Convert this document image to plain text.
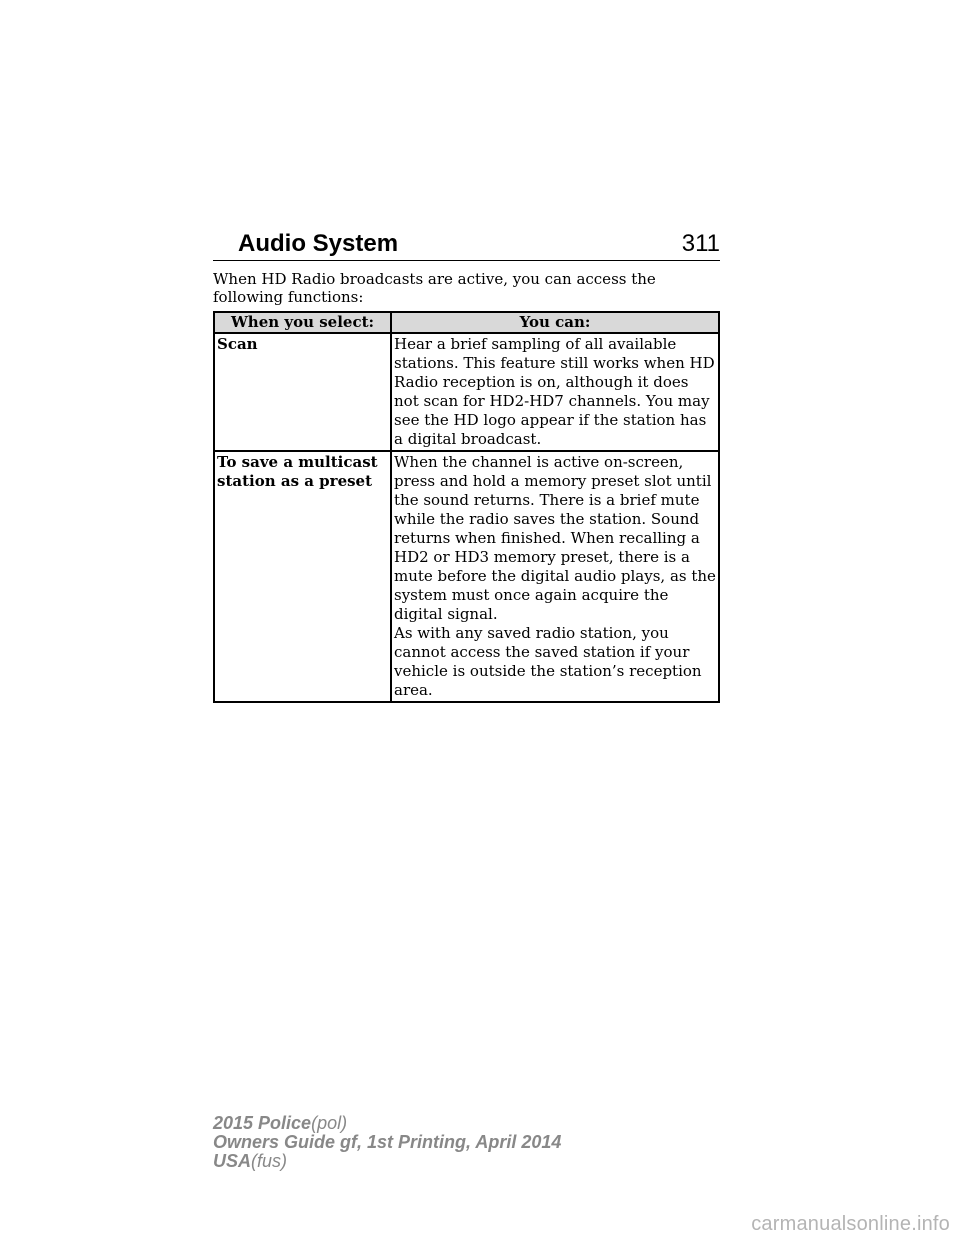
Audio System	311
When HD Radio broadcasts are active, you can access the following functions:
When you select:	You can:
Scan	Hear a brief sampling of all available stations. This feature still works when HD Radio reception is on, although it does not scan for HD2-HD7 channels. You may see the HD logo appear if the station has a digital broadcast.

To save a multicast station as a preset	When the channel is active on-screen, press and hold a memory preset slot until the sound returns. There is a brief mute while the radio saves the station. Sound returns when finished. When recalling a HD2 or HD3 memory preset, there is a mute before the digital audio plays, as the system must once again acquire the digital signal.
As with any saved radio station, you cannot access the saved station if your vehicle is outside the station’s reception area.
2015 Police(pol)
Owners Guide gf, 1st Printing, April 2014
USA(fus)
carmanualsonline.info
